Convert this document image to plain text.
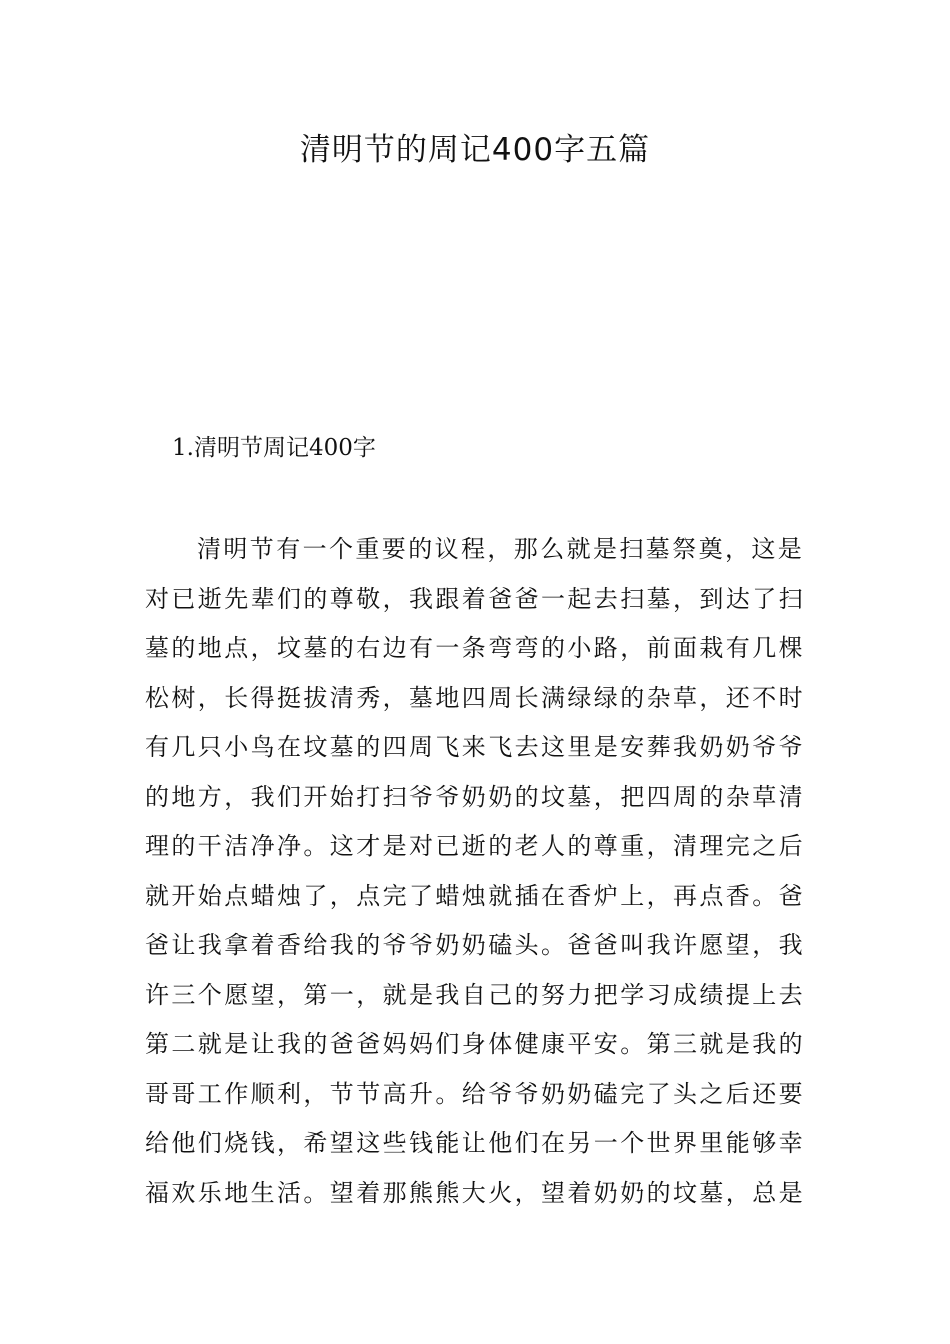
清明节的周记400字五篇
1.清明节周记400字
清明节有一个重要的议程，那么就是扫墓祭奠，这是
对已逝先辈们的尊敬，我跟着爸爸一起去扫墓，到达了扫
墓的地点，坟墓的右边有一条弯弯的小路，前面栽有几棵
松树，长得挺拔清秀，墓地四周长满绿绿的杂草，还不时
有几只小鸟在坟墓的四周飞来飞去这里是安葬我奶奶爷爷
的地方，我们开始打扫爷爷奶奶的坟墓，把四周的杂草清
理的干洁净净。这才是对已逝的老人的尊重，清理完之后
就开始点蜡烛了，点完了蜡烛就插在香炉上，再点香。爸
爸让我拿着香给我的爷爷奶奶磕头。爸爸叫我许愿望，我
许三个愿望，第一，就是我自己的努力把学习成绩提上去
第二就是让我的爸爸妈妈们身体健康平安。第三就是我的
哥哥工作顺利，节节高升。给爷爷奶奶磕完了头之后还要
给他们烧钱，希望这些钱能让他们在另一个世界里能够幸
福欢乐地生活。望着那熊熊大火，望着奶奶的坟墓，总是
